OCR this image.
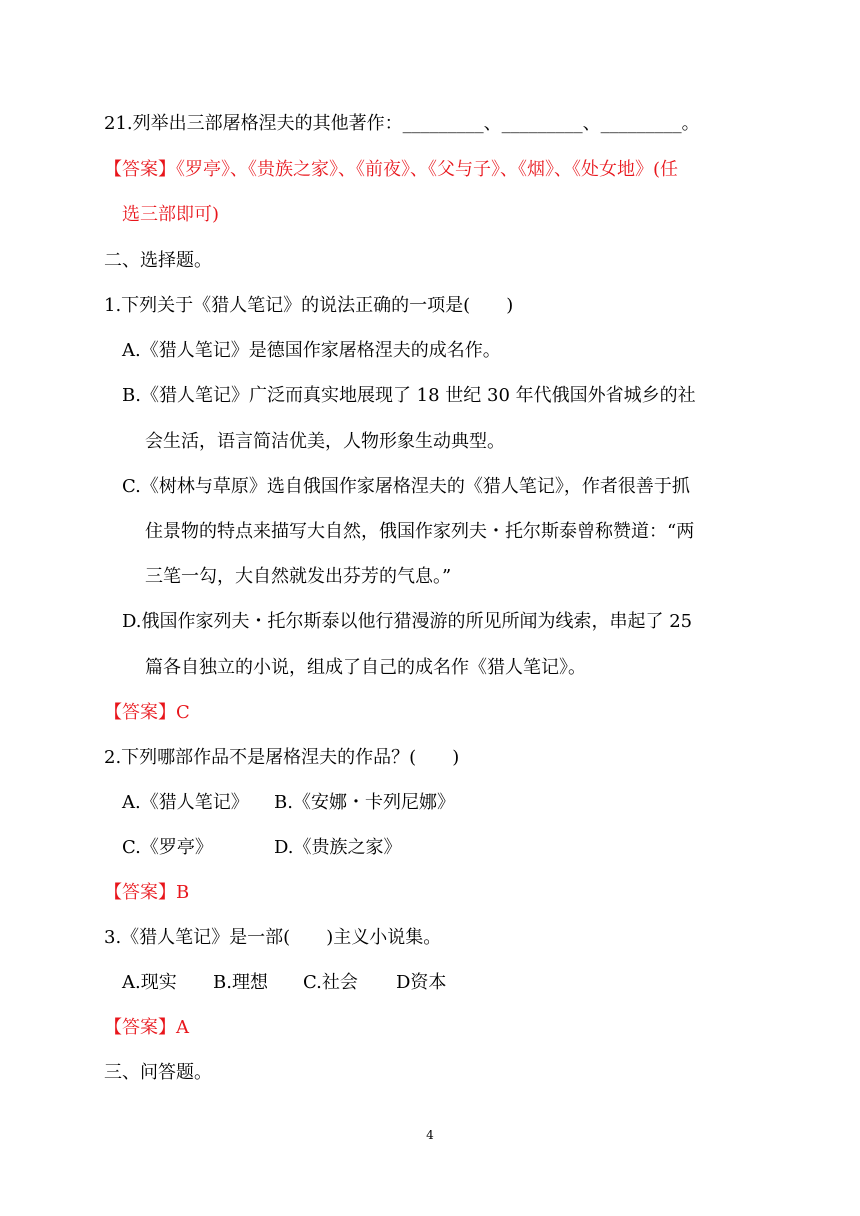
21.列举出三部屠格涅夫的其他著作：_________、_________、_________。
【答案】《罗亭》、《贵族之家》、《前夜》、《父与子》、《烟》、《处女地》(任
选三部即可)
二、选择题。
1.下列关于《猎人笔记》的说法正确的一项是(　　)
A.《猎人笔记》是德国作家屠格涅夫的成名作。
B.《猎人笔记》广泛而真实地展现了 18 世纪 30 年代俄国外省城乡的社
会生活，语言简洁优美，人物形象生动典型。
C.《树林与草原》选自俄国作家屠格涅夫的《猎人笔记》，作者很善于抓
住景物的特点来描写大自然，俄国作家列夫・托尔斯泰曾称赞道：“两
三笔一勾，大自然就发出芬芳的气息。”
D.俄国作家列夫・托尔斯泰以他行猎漫游的所见所闻为线索，串起了 25
篇各自独立的小说，组成了自己的成名作《猎人笔记》。
【答案】C
2.下列哪部作品不是屠格涅夫的作品？(　　)
A.《猎人笔记》 B.《安娜・卡列尼娜》
C.《罗亭》	D.《贵族之家》
【答案】B
3.《猎人笔记》是一部(　　)主义小说集。
A.现实 B.理想 C.社会 D资本
【答案】A
三、问答题。
4
